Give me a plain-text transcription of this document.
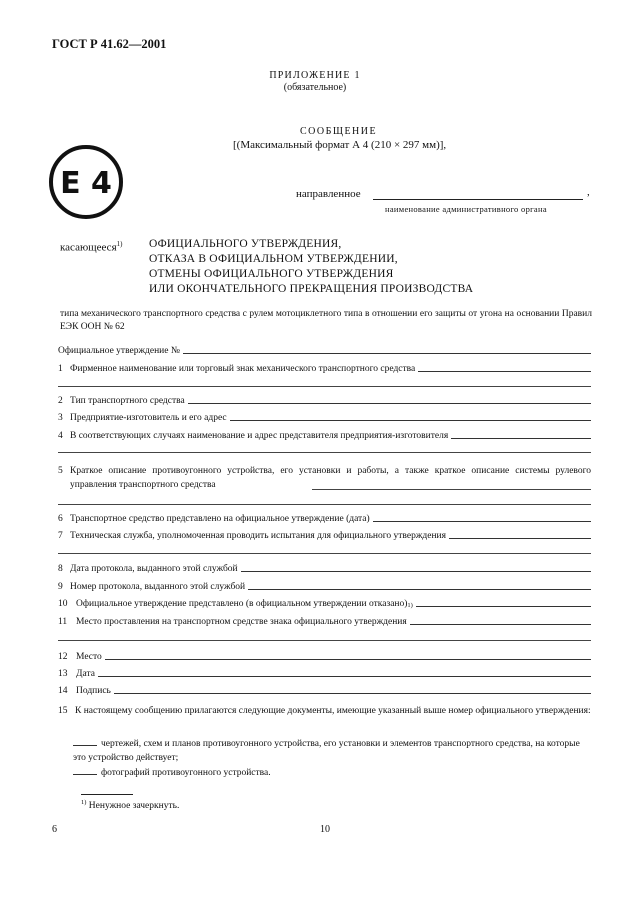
ГОСТ Р 41.62—2001
ПРИЛОЖЕНИЕ 1
(обязательное)
СООБЩЕНИЕ
[(Максимальный формат А 4 (210 × 297 мм)],
E 4	направленное	,
наименование административного органа
касающееся$^{1)}$ ОФИЦИАЛЬНОГО УТВЕРЖДЕНИЯ,
ОТКАЗА В ОФИЦИАЛЬНОМ УТВЕРЖДЕНИИ,
ОТМЕНЫ ОФИЦИАЛЬНОГО УТВЕРЖДЕНИЯ
ИЛИ ОКОНЧАТЕЛЬНОГО ПРЕКРАЩЕНИЯ ПРОИЗВОДСТВА
типа механического транспортного средства с рулем мотоциклетного типа в отношении его защиты от угона на основании Правил ЕЭК ООН № 62
Официальное утверждение №
1 Фирменное наименование или торговый знак механического транспортного средства
2 Тип транспортного средства
3 Предприятие-изготовитель и его адрес
4 В соответствующих случаях наименование и адрес представителя предприятия-изготовителя
5 Краткое описание противоугонного устройства, его установки и работы, а также краткое описание системы рулевого управления транспортного средства
6 Транспортное средство представлено на официальное утверждение (дата)
7 Техническая служба, уполномоченная проводить испытания для официального утверждения
8 Дата протокола, выданного этой службой
9 Номер протокола, выданного этой службой
10 Официальное утверждение представлено (в официальном утверждении отказано) 1)
11 Место проставления на транспортном средстве знака официального утверждения
12 Место
13 Дата
14 Подпись
15 К настоящему сообщению прилагаются следующие документы, имеющие указанный выше номер официального утверждения:
чертежей, схем и планов противоугонного устройства, его установки и элементов транспортного средства, на которые это устройство действует;
фотографий противоугонного устройства.
$^{1)}$ Ненужное зачеркнуть.
6	10
